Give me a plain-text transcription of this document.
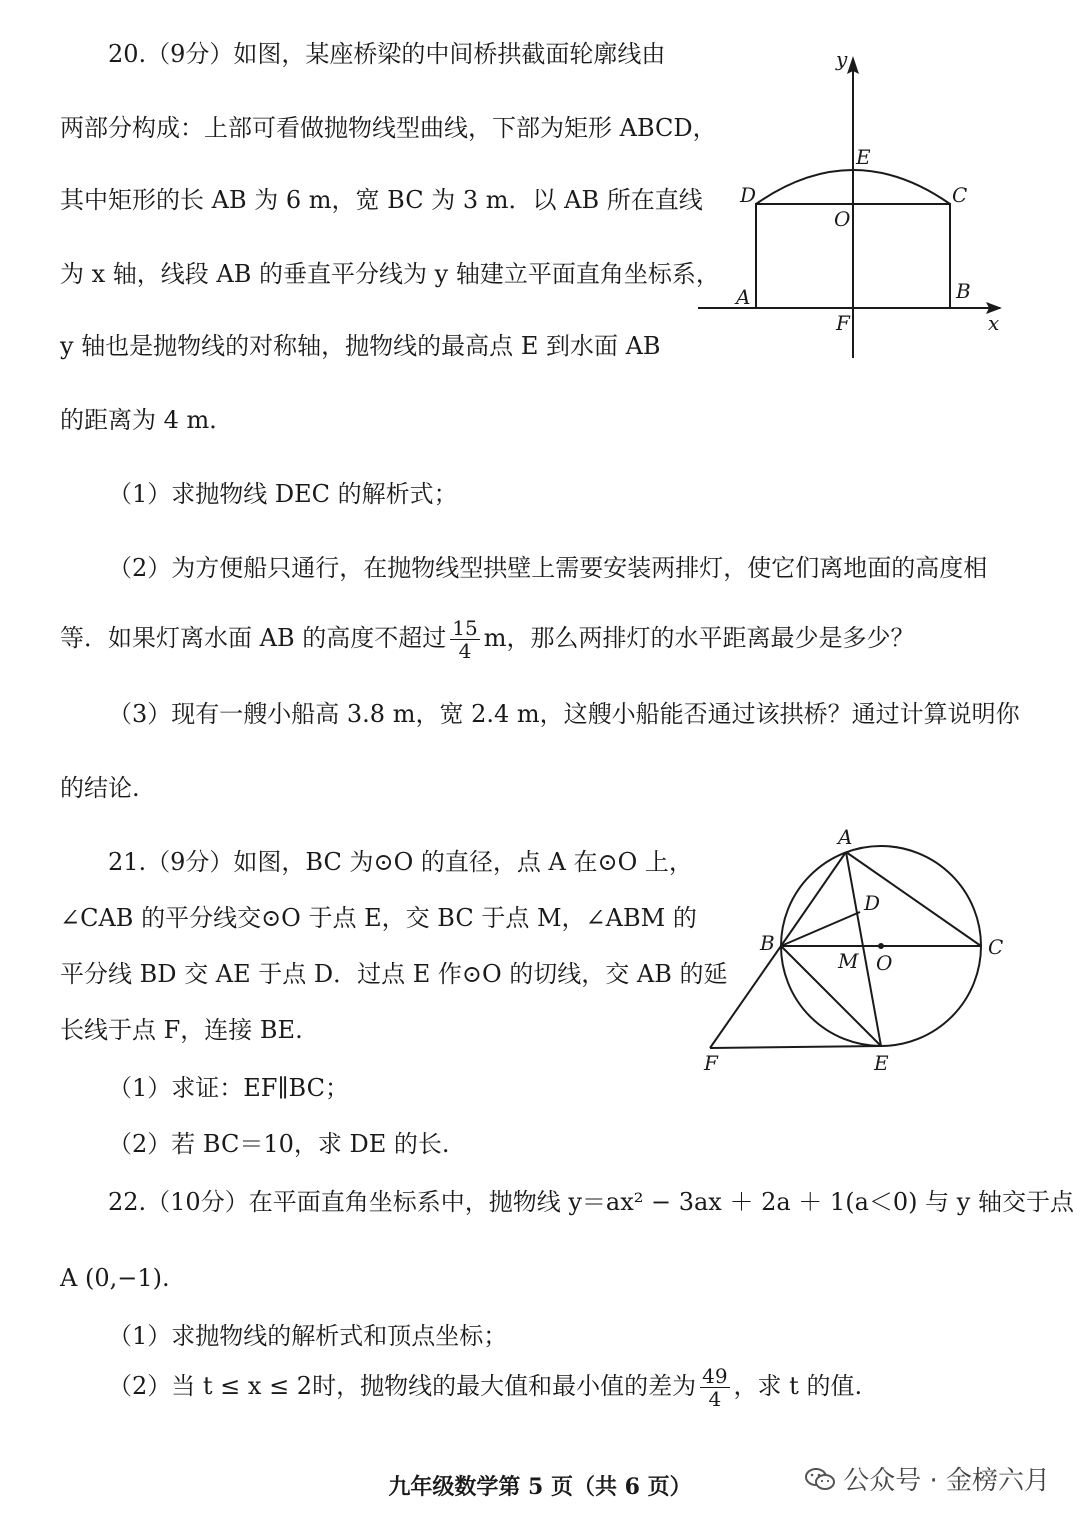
20.（9分）如图，某座桥梁的中间桥拱截面轮廓线由
两部分构成：上部可看做抛物线型曲线，下部为矩形 ABCD，
其中矩形的长 AB 为 6 m，宽 BC 为 3 m．以 AB 所在直线
为 x 轴，线段 AB 的垂直平分线为 y 轴建立平面直角坐标系，
y 轴也是抛物线的对称轴，抛物线的最高点 E 到水面 AB
的距离为 4 m．
（1）求抛物线 DEC 的解析式；
（2）为方便船只通行，在抛物线型拱壁上需要安装两排灯，使它们离地面的高度相
等．如果灯离水面 AB 的高度不超过 $\frac{15}{4}$ m，那么两排灯的水平距离最少是多少？
（3）现有一艘小船高 3.8 m，宽 2.4 m，这艘小船能否通过该拱桥？通过计算说明你
的结论.
y
x
E
D	C
O
A	B
F
21.（9分）如图，BC 为⊙O 的直径，点 A 在⊙O 上，
∠CAB 的平分线交⊙O 于点 E，交 BC 于点 M，∠ABM 的
平分线 BD 交 AE 于点 D．过点 E 作⊙O 的切线，交 AB 的延
长线于点 F，连接 BE.
（1）求证：EF∥BC；
（2）若 BC＝10，求 DE 的长.
A
D
B
M O
C
F	E
22.（10分）在平面直角坐标系中，抛物线 y＝ax² − 3ax ＋ 2a ＋ 1(a＜0) 与 y 轴交于点
A (0,−1).
（1）求抛物线的解析式和顶点坐标；
（2）当 t ≤ x ≤ 2时，抛物线的最大值和最小值的差为 $\frac{49}{4}$ ，求 t 的值.
九年级数学第 5 页（共 6 页）	公众号 · 金榜六月
